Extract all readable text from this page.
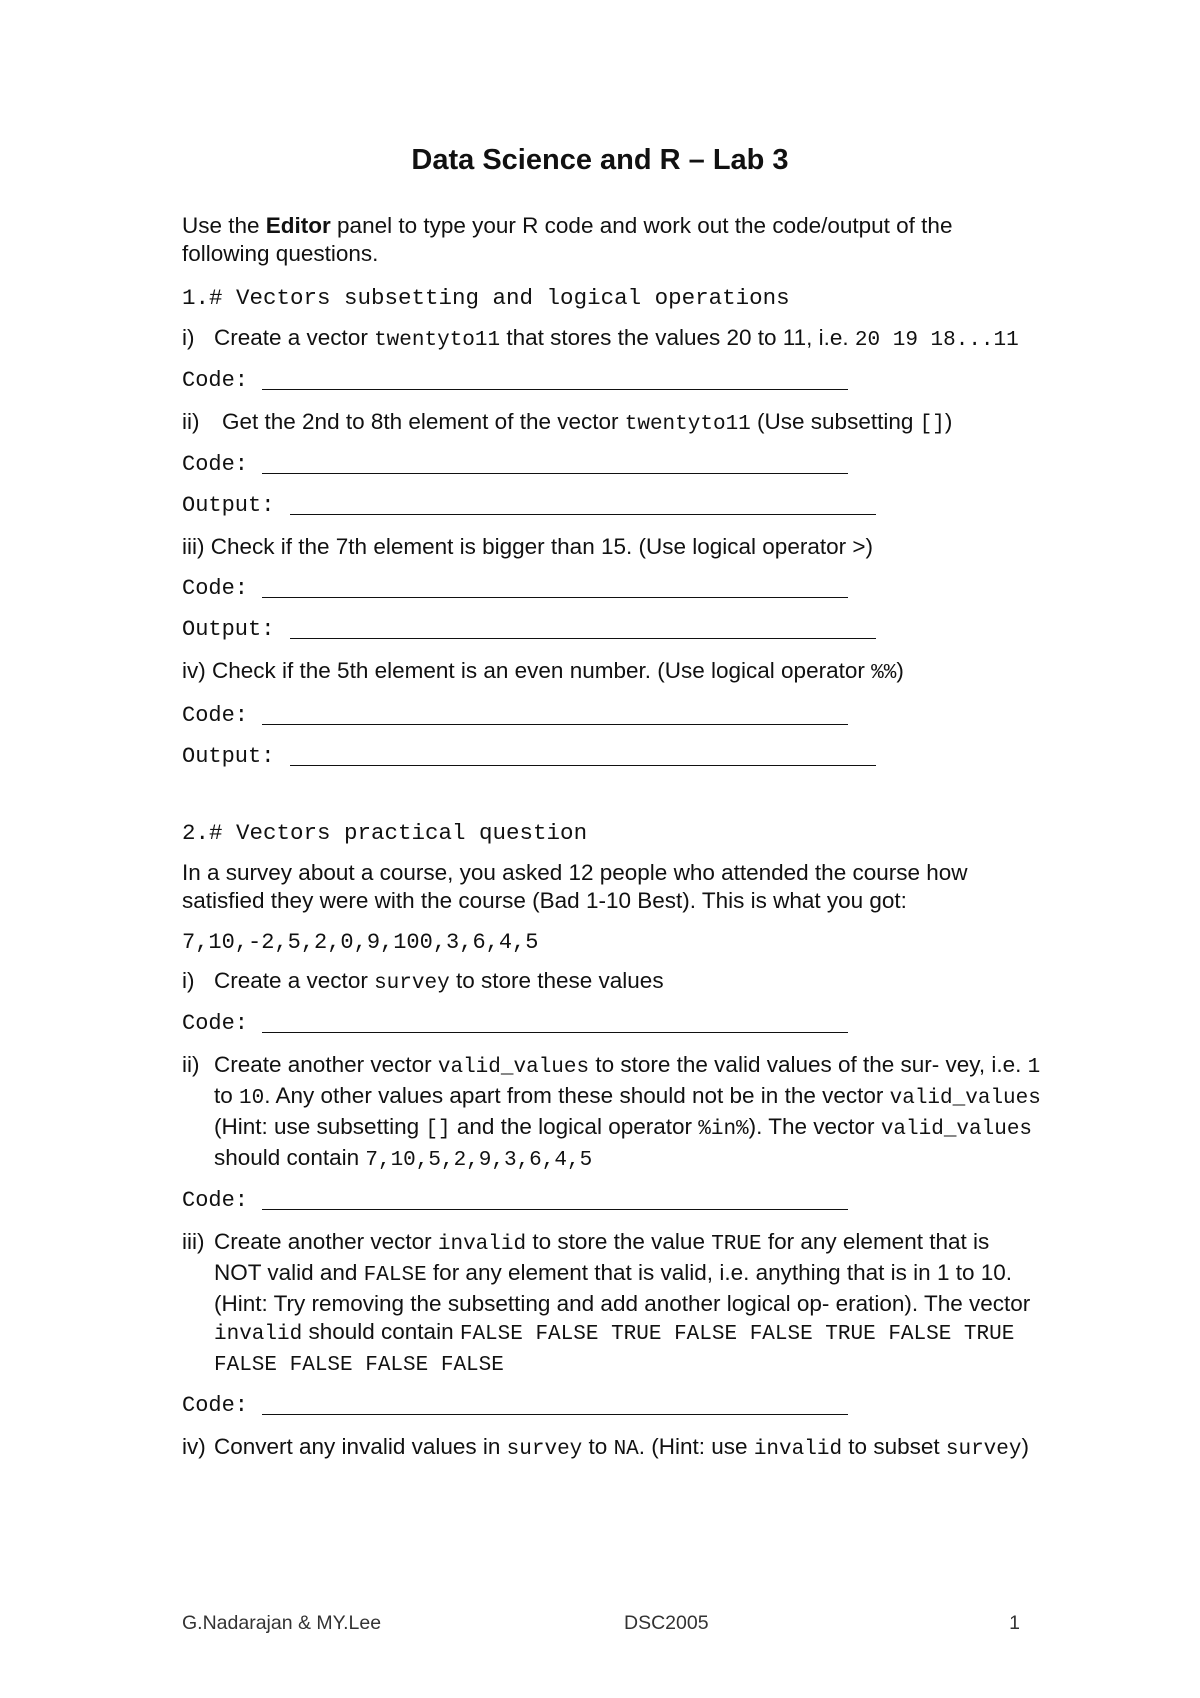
Data Science and R – Lab 3

Use the Editor panel to type your R code and work out the code/output of the following questions.

1.# Vectors subsetting and logical operations
i) Create a vector twentyto11 that stores the values 20 to 11, i.e. 20 19 18...11
Code:
ii)	Get the 2nd to 8th element of the vector twentyto11 (Use subsetting [])
Code:
Output:

iii) Check if the 7th element is bigger than 15. (Use logical operator >)

Code:
Output:

iv) Check if the 5th element is an even number. (Use logical operator %%)

Code:
Output:
2.# Vectors practical question

In a survey about a course, you asked 12 people who attended the course how satisfied they were with the course (Bad 1-10 Best). This is what you got:

7,10,-2,5,2,0,9,100,3,6,4,5
i) Create a vector survey to store these values
Code:
ii) Create another vector valid_values to store the valid values of the sur- vey, i.e. 1 to 10. Any other values apart from these should not be in the vector valid_values (Hint: use subsetting [] and the logical operator %in%). The vector valid_values should contain 7,10,5,2,9,3,6,4,5
Code:
iii) Create another vector invalid to store the value TRUE for any element that is NOT valid and FALSE for any element that is valid, i.e. anything that is in 1 to 10. (Hint: Try removing the subsetting and add another logical op- eration). The vector invalid should contain FALSE FALSE TRUE FALSE FALSE TRUE FALSE TRUE FALSE FALSE FALSE FALSE
Code:
iv) Convert any invalid values in survey to NA. (Hint: use invalid to subset survey)
G.Nadarajan & MY.Lee	DSC2005	1
